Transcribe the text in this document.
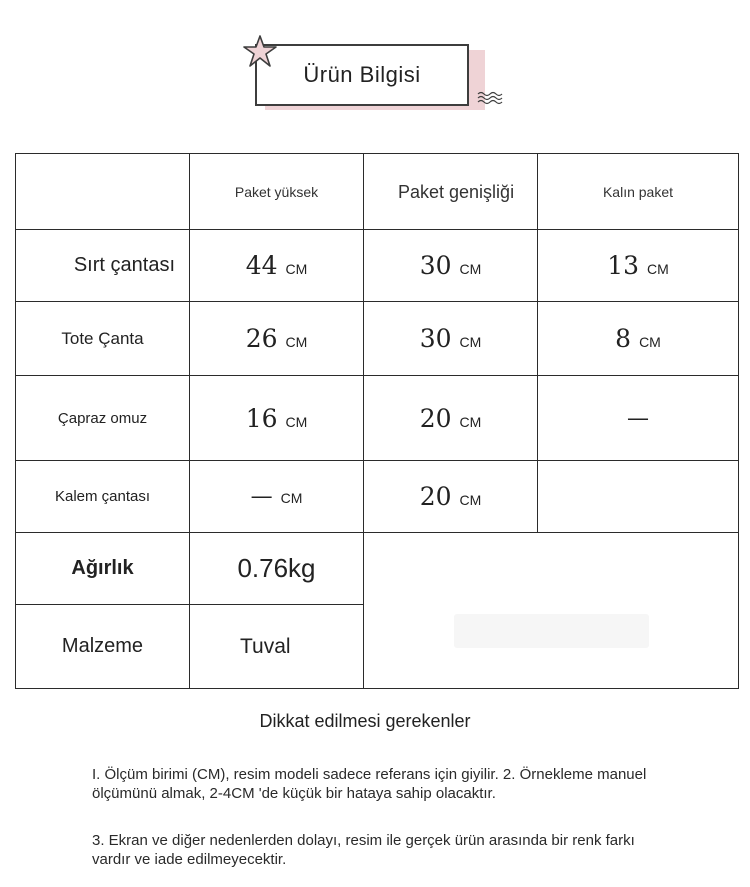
Ürün Bilgisi
	Paket yüksek	Paket genişliği	Kalın paket
Sırt çantası	44 CM	30 CM	13 CM
Tote Çanta	26 CM	30 CM	8 CM
Çapraz omuz	16 CM	20 CM	—
Kalem çantası	— CM	20 CM	
Ağırlık	0.76kg		

Malzeme	Tuval		
Dikkat edilmesi gerekenler
I. Ölçüm birimi (CM), resim modeli sadece referans için giyilir. 2. Örnekleme manuel ölçümünü almak, 2-4CM 'de küçük bir hataya sahip olacaktır.
3. Ekran ve diğer nedenlerden dolayı, resim ile gerçek ürün arasında bir renk farkı vardır ve iade edilmeyecektir.
